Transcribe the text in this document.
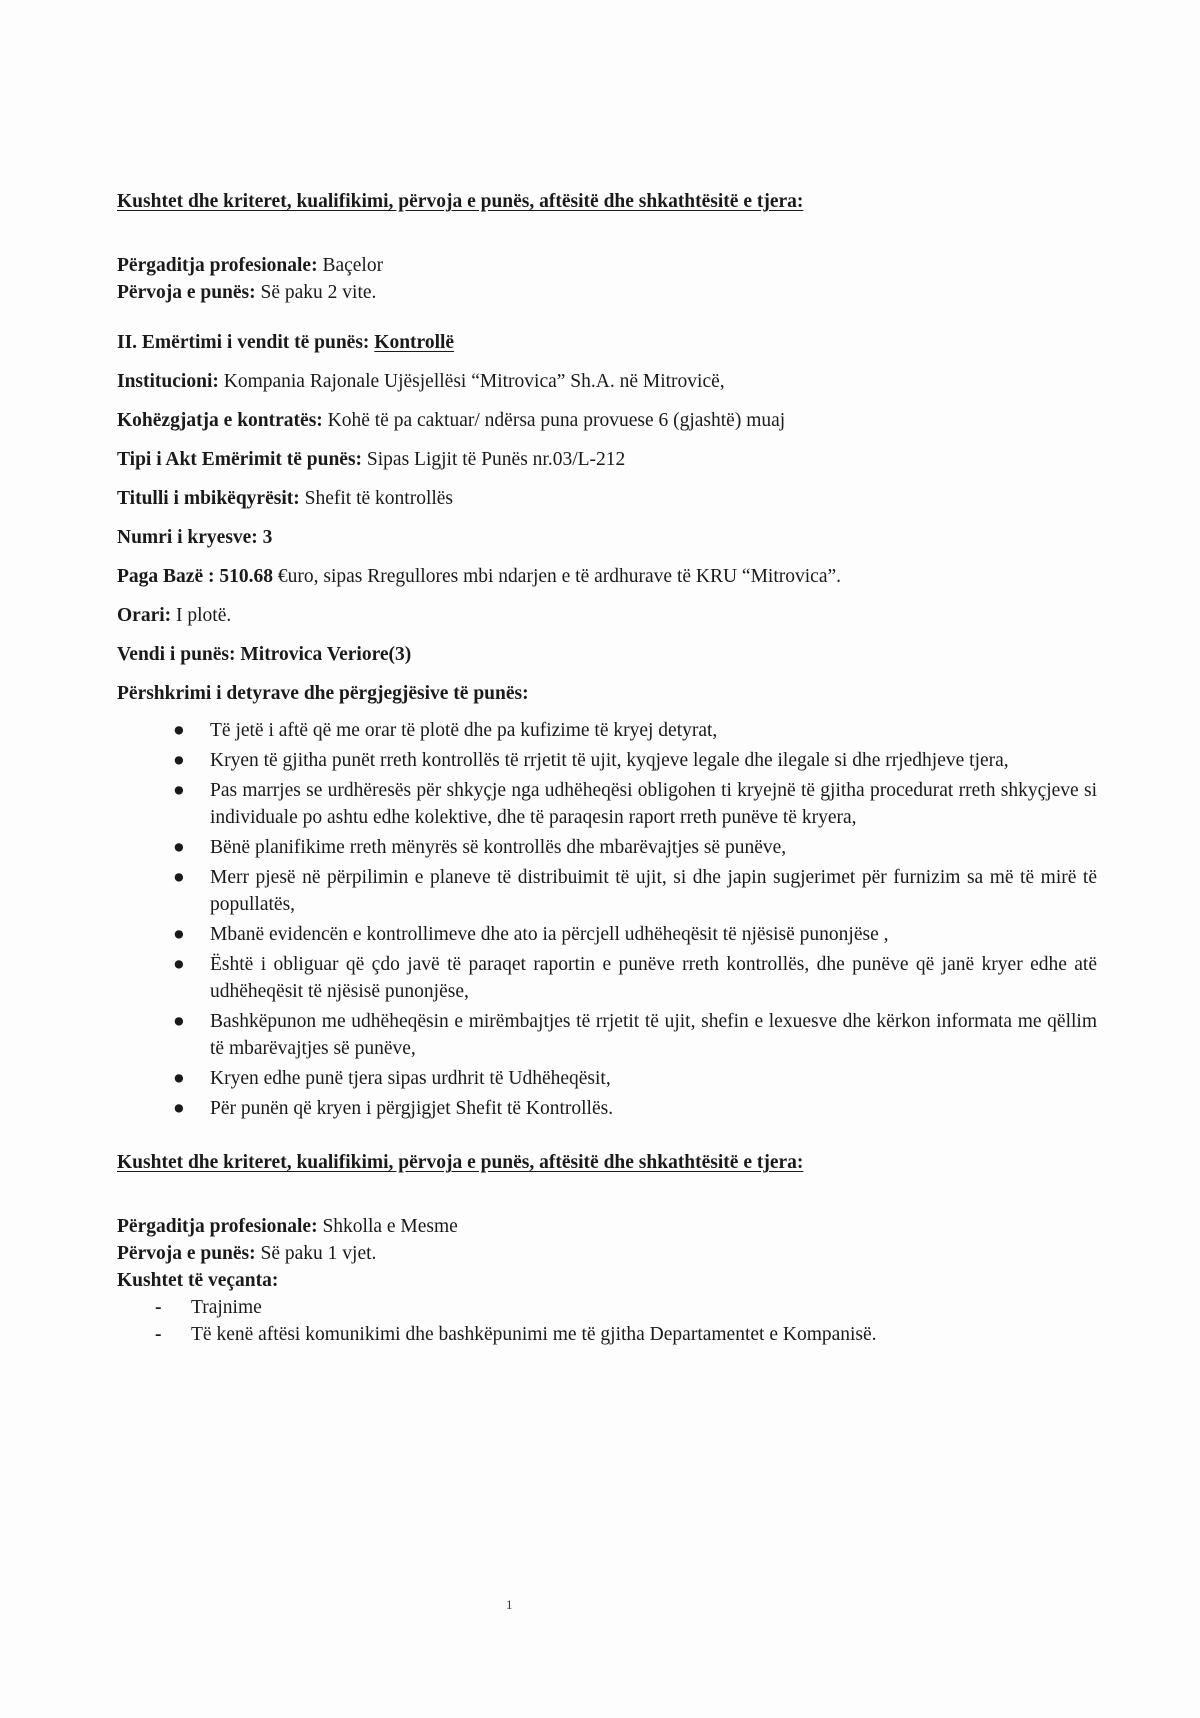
Kushtet dhe kriteret, kualifikimi, përvoja e punës, aftësitë dhe shkathtësitë e tjera:

Përgaditja profesionale: Baçelor

Përvoja e punës: Së paku 2 vite.

II. Emërtimi i vendit të punës: Kontrollë

Institucioni: Kompania Rajonale Ujësjellësi “Mitrovica” Sh.A. në Mitrovicë,

Kohëzgjatja e kontratës: Kohë të pa caktuar/ ndërsa puna provuese 6 (gjashtë) muaj

Tipi i Akt Emërimit të punës: Sipas Ligjit të Punës nr.03/L-212

Titulli i mbikëqyrësit: Shefit të kontrollës

Numri i kryesve: 3

Paga Bazë : 510.68 €uro, sipas Rregullores mbi ndarjen e të ardhurave të KRU “Mitrovica”.

Orari: I plotë.

Vendi i punës: Mitrovica Veriore(3)

Përshkrimi i detyrave dhe përgjegjësive të punës:

● Të jetë i aftë që me orar të plotë dhe pa kufizime të kryej detyrat,
● Kryen të gjitha punët rreth kontrollës të rrjetit të ujit, kyqjeve legale dhe ilegale si dhe rrjedhjeve tjera,
● Pas marrjes se urdhëresës për shkyçje nga udhëheqësi obligohen ti kryejnë të gjitha procedurat rreth shkyçjeve si individuale po ashtu edhe kolektive, dhe të paraqesin raport rreth punëve të kryera,
● Bënë planifikime rreth mënyrës së kontrollës dhe mbarëvajtjes së punëve,
● Merr pjesë në përpilimin e planeve të distribuimit të ujit, si dhe japin sugjerimet për furnizim sa më të mirë të popullatës,
● Mbanë evidencën e kontrollimeve dhe ato ia përcjell udhëheqësit të njësisë punonjëse ,
● Është i obliguar që çdo javë të paraqet raportin e punëve rreth kontrollës, dhe punëve që janë kryer edhe atë udhëheqësit të njësisë punonjëse,
● Bashkëpunon me udhëheqësin e mirëmbajtjes të rrjetit të ujit, shefin e lexuesve dhe kërkon informata me qëllim të mbarëvajtjes së punëve,
● Kryen edhe punë tjera sipas urdhrit të Udhëheqësit,
● Për punën që kryen i përgjigjet Shefit të Kontrollës.

Kushtet dhe kriteret, kualifikimi, përvoja e punës, aftësitë dhe shkathtësitë e tjera:

Përgaditja profesionale: Shkolla e Mesme

Përvoja e punës: Së paku 1 vjet.

Kushtet të veçanta:

- Trajnime
- Të kenë aftësi komunikimi dhe bashkëpunimi me të gjitha Departamentet e Kompanisë.
1
